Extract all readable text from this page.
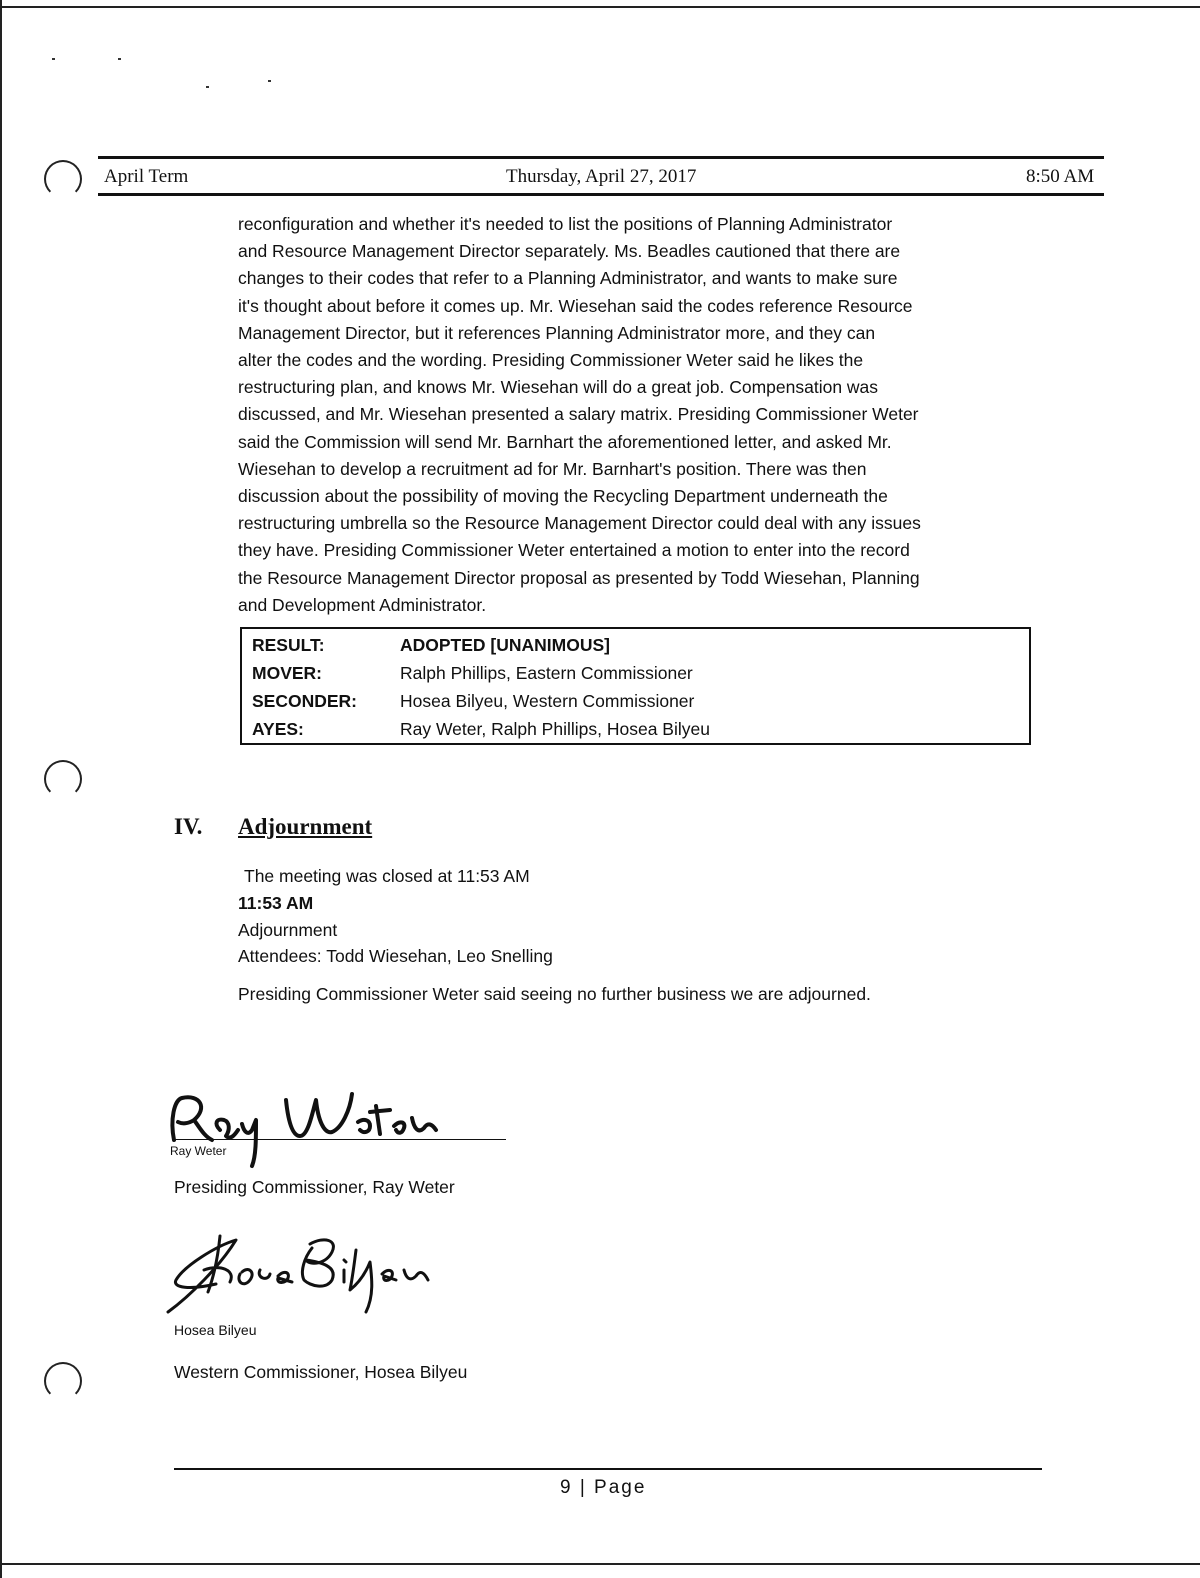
April Term	Thursday, April 27, 2017	8:50 AM
reconfiguration and whether it's needed to list the positions of Planning Administrator
and Resource Management Director separately. Ms. Beadles cautioned that there are
changes to their codes that refer to a Planning Administrator, and wants to make sure
it's thought about before it comes up. Mr. Wiesehan said the codes reference Resource
Management Director, but it references Planning Administrator more, and they can
alter the codes and the wording. Presiding Commissioner Weter said he likes the
restructuring plan, and knows Mr. Wiesehan will do a great job. Compensation was
discussed, and Mr. Wiesehan presented a salary matrix. Presiding Commissioner Weter
said the Commission will send Mr. Barnhart the aforementioned letter, and asked Mr.
Wiesehan to develop a recruitment ad for Mr. Barnhart's position. There was then
discussion about the possibility of moving the Recycling Department underneath the
restructuring umbrella so the Resource Management Director could deal with any issues
they have. Presiding Commissioner Weter entertained a motion to enter into the record
the Resource Management Director proposal as presented by Todd Wiesehan, Planning
and Development Administrator.
RESULT:	ADOPTED [UNANIMOUS]
MOVER:	Ralph Phillips, Eastern Commissioner
SECONDER: Hosea Bilyeu, Western Commissioner
AYES:	Ray Weter, Ralph Phillips, Hosea Bilyeu
IV. Adjournment
The meeting was closed at 11:53 AM
11:53 AM
Adjournment
Attendees: Todd Wiesehan, Leo Snelling
Presiding Commissioner Weter said seeing no further business we are adjourned.
Ray Weter
Presiding Commissioner, Ray Weter
Hosea Bilyeu
Western Commissioner, Hosea Bilyeu
9 | Page
